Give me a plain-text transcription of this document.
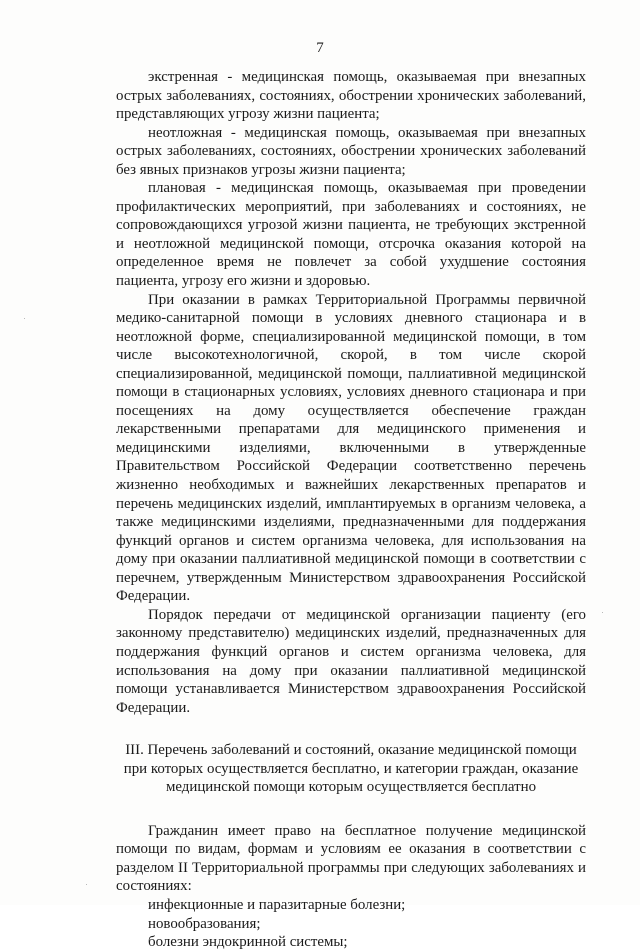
7

экстренная - медицинская помощь, оказываемая при внезапных острых заболеваниях, состояниях, обострении хронических заболеваний, представляющих угрозу жизни пациента;

неотложная - медицинская помощь, оказываемая при внезапных острых заболеваниях, состояниях, обострении хронических заболеваний без явных признаков угрозы жизни пациента;

плановая - медицинская помощь, оказываемая при проведении профилактических мероприятий, при заболеваниях и состояниях, не сопровождающихся угрозой жизни пациента, не требующих экстренной и неотложной медицинской помощи, отсрочка оказания которой на определенное время не повлечет за собой ухудшение состояния пациента, угрозу его жизни и здоровью.

При оказании в рамках Территориальной Программы первичной медико-санитарной помощи в условиях дневного стационара и в неотложной форме, специализированной медицинской помощи, в том числе высокотехнологичной, скорой, в том числе скорой специализированной, медицинской помощи, паллиативной медицинской помощи в стационарных условиях, условиях дневного стационара и при посещениях на дому осуществляется обеспечение граждан лекарственными препаратами для медицинского применения и медицинскими изделиями, включенными в утвержденные Правительством Российской Федерации соответственно перечень жизненно необходимых и важнейших лекарственных препаратов и перечень медицинских изделий, имплантируемых в организм человека, а также медицинскими изделиями, предназначенными для поддержания функций органов и систем организма человека, для использования на дому при оказании паллиативной медицинской помощи в соответствии с перечнем, утвержденным Министерством здравоохранения Российской Федерации.

Порядок передачи от медицинской организации пациенту (его законному представителю) медицинских изделий, предназначенных для поддержания функций органов и систем организма человека, для использования на дому при оказании паллиативной медицинской помощи устанавливается Министерством здравоохранения Российской Федерации.

III. Перечень заболеваний и состояний, оказание медицинской помощи при которых осуществляется бесплатно, и категории граждан, оказание медицинской помощи которым осуществляется бесплатно

Гражданин имеет право на бесплатное получение медицинской помощи по видам, формам и условиям ее оказания в соответствии с разделом II Территориальной программы при следующих заболеваниях и состояниях:

инфекционные и паразитарные болезни;
новообразования;
болезни эндокринной системы;
